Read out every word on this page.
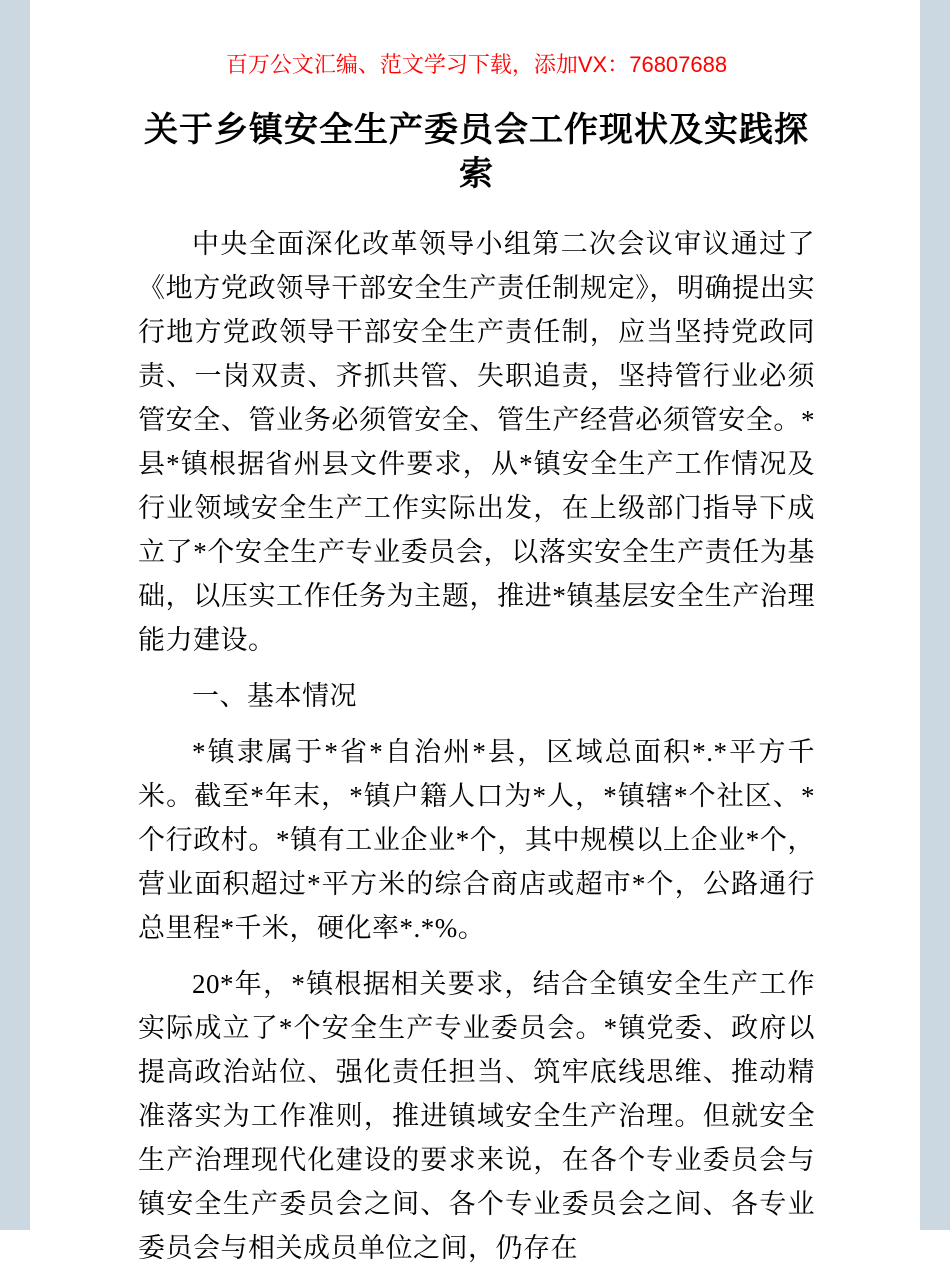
百万公文汇编、范文学习下载，添加VX：76807688
关于乡镇安全生产委员会工作现状及实践探索

中央全面深化改革领导小组第二次会议审议通过了《地方党政领导干部安全生产责任制规定》，明确提出实行地方党政领导干部安全生产责任制，应当坚持党政同责、一岗双责、齐抓共管、失职追责，坚持管行业必须管安全、管业务必须管安全、管生产经营必须管安全。*县*镇根据省州县文件要求，从*镇安全生产工作情况及行业领域安全生产工作实际出发，在上级部门指导下成立了*个安全生产专业委员会，以落实安全生产责任为基础，以压实工作任务为主题，推进*镇基层安全生产治理能力建设。

一、基本情况

*镇隶属于*省*自治州*县，区域总面积*.*平方千米。截至*年末，*镇户籍人口为*人，*镇辖*个社区、*个行政村。*镇有工业企业*个，其中规模以上企业*个，营业面积超过*平方米的综合商店或超市*个，公路通行总里程*千米，硬化率*.*%。

20*年，*镇根据相关要求，结合全镇安全生产工作实际成立了*个安全生产专业委员会。*镇党委、政府以提高政治站位、强化责任担当、筑牢底线思维、推动精准落实为工作准则，推进镇域安全生产治理。但就安全生产治理现代化建设的要求来说，在各个专业委员会与镇安全生产委员会之间、各个专业委员会之间、各专业委员会与相关成员单位之间，仍存在
